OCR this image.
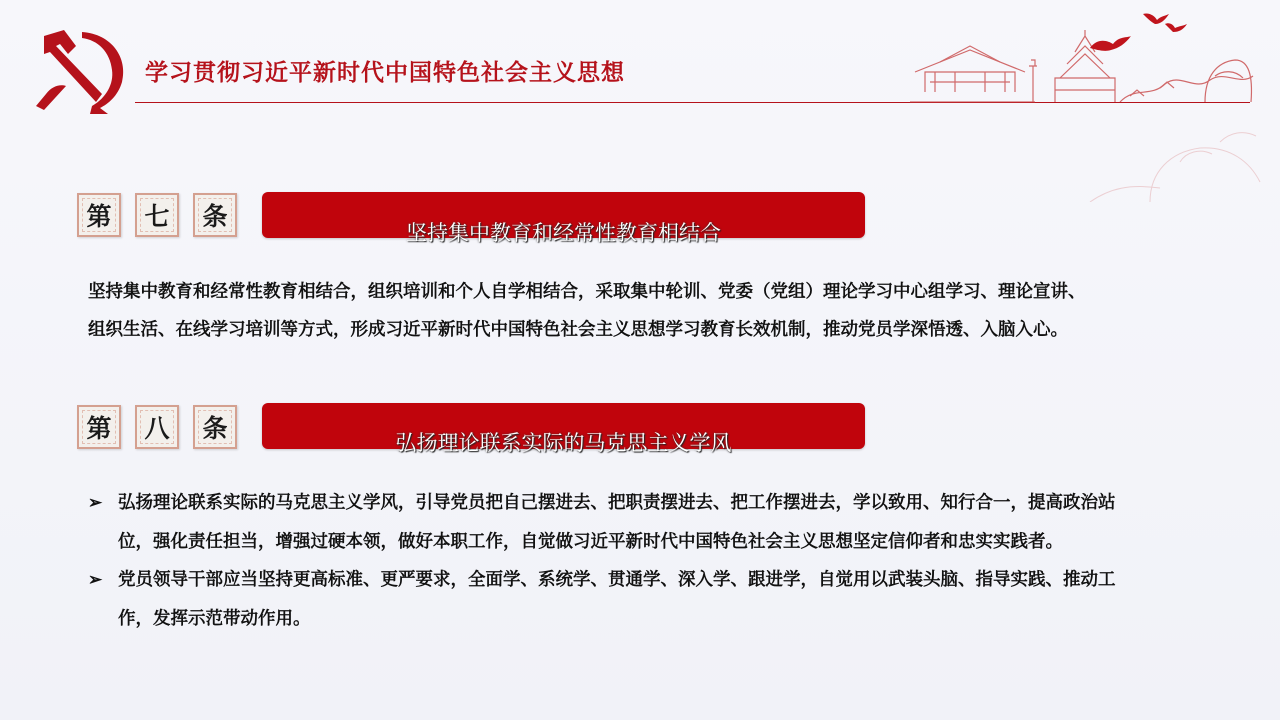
学习贯彻习近平新时代中国特色社会主义思想
第 七 条
坚持集中教育和经常性教育相结合
坚持集中教育和经常性教育相结合，组织培训和个人自学相结合，采取集中轮训、党委（党组）理论学习中心组学习、理论宣讲、组织生活、在线学习培训等方式，形成习近平新时代中国特色社会主义思想学习教育长效机制，推动党员学深悟透、入脑入心。
第 八 条	弘扬理论联系实际的马克思主义学风
➢ 弘扬理论联系实际的马克思主义学风，引导党员把自己摆进去、把职责摆进去、把工作摆进去，学以致用、知行合一，提高政治站位，强化责任担当，增强过硬本领，做好本职工作，自觉做习近平新时代中国特色社会主义思想坚定信仰者和忠实实践者。
➢ 党员领导干部应当坚持更高标准、更严要求，全面学、系统学、贯通学、深入学、跟进学，自觉用以武装头脑、指导实践、推动工作，发挥示范带动作用。
